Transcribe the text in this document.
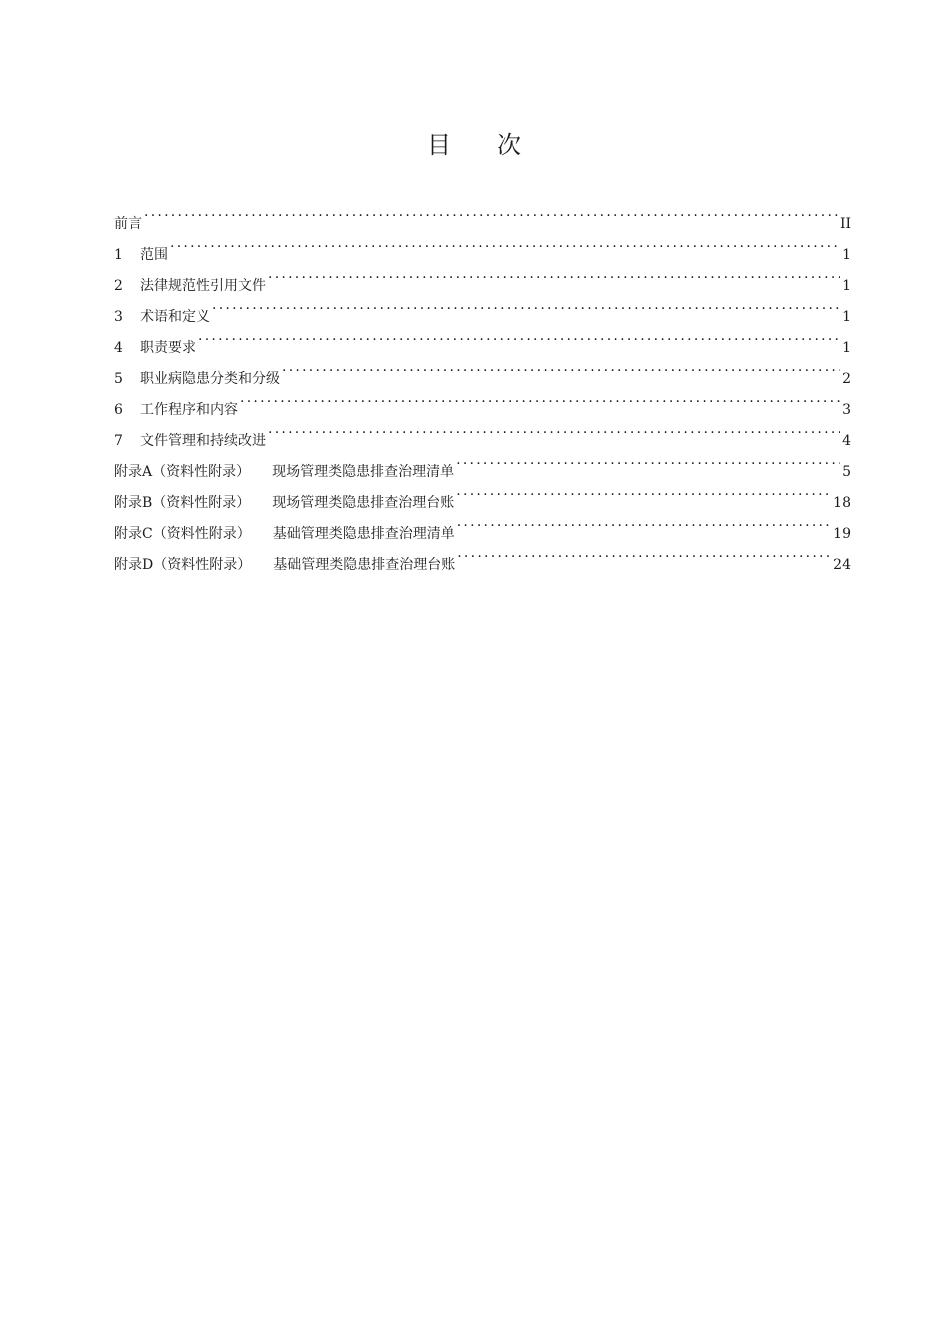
目 次
前言 . . .	II
1	范围 . . .	1
2	法律规范性引用文件 . . .	1
3	术语和定义 . . .	1
4	职责要求 . . .	1
5	职业病隐患分类和分级 . . .	2
6	工作程序和内容 . . .	3
7	文件管理和持续改进 . . .	4
附录A（资料性附录） 现场管理类隐患排查治理清单 . . .	5
附录B（资料性附录） 现场管理类隐患排查治理台账 . . .	18
附录C（资料性附录） 基础管理类隐患排查治理清单 . . .	19
附录D（资料性附录） 基础管理类隐患排查治理台账 . . .	24
